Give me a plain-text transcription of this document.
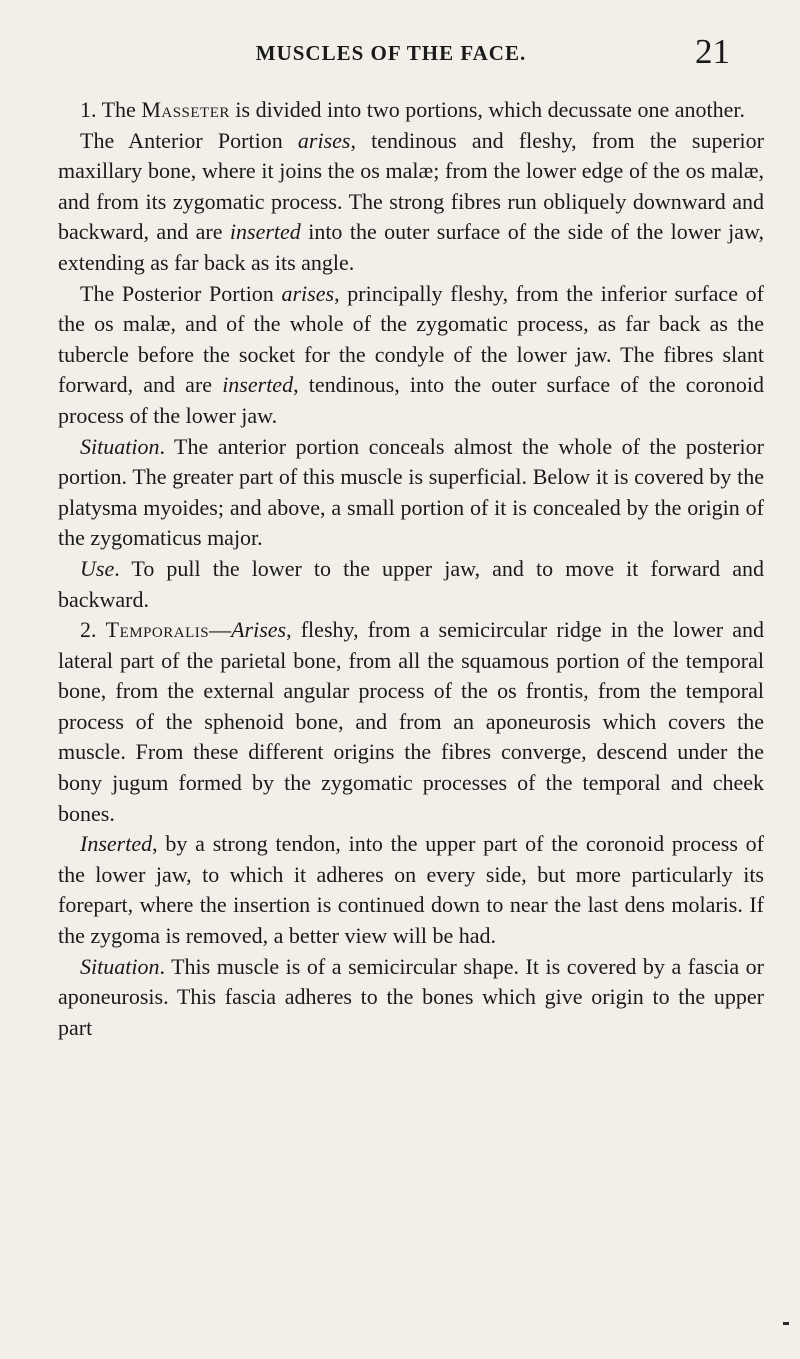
MUSCLES OF THE FACE.	21

1. The Masseter is divided into two portions, which decussate one another.

The Anterior Portion arises, tendinous and fleshy, from the superior maxillary bone, where it joins the os malæ; from the lower edge of the os malæ, and from its zygomatic process. The strong fibres run obliquely downward and backward, and are inserted into the outer surface of the side of the lower jaw, extending as far back as its angle.

The Posterior Portion arises, principally fleshy, from the inferior surface of the os malæ, and of the whole of the zygomatic process, as far back as the tubercle before the socket for the condyle of the lower jaw. The fibres slant forward, and are inserted, tendinous, into the outer surface of the coronoid process of the lower jaw.

Situation. The anterior portion conceals almost the whole of the posterior portion. The greater part of this muscle is superficial. Below it is covered by the platysma myoides; and above, a small portion of it is concealed by the origin of the zygomaticus major.

Use. To pull the lower to the upper jaw, and to move it forward and backward.

2. Temporalis—Arises, fleshy, from a semicircular ridge in the lower and lateral part of the parietal bone, from all the squamous portion of the temporal bone, from the external angular process of the os frontis, from the temporal process of the sphenoid bone, and from an aponeurosis which covers the muscle. From these different origins the fibres converge, descend under the bony jugum formed by the zygomatic processes of the temporal and cheek bones.

Inserted, by a strong tendon, into the upper part of the coronoid process of the lower jaw, to which it adheres on every side, but more particularly its forepart, where the insertion is continued down to near the last dens molaris. If the zygoma is removed, a better view will be had.

Situation. This muscle is of a semicircular shape. It is covered by a fascia or aponeurosis. This fascia adheres to the bones which give origin to the upper part
